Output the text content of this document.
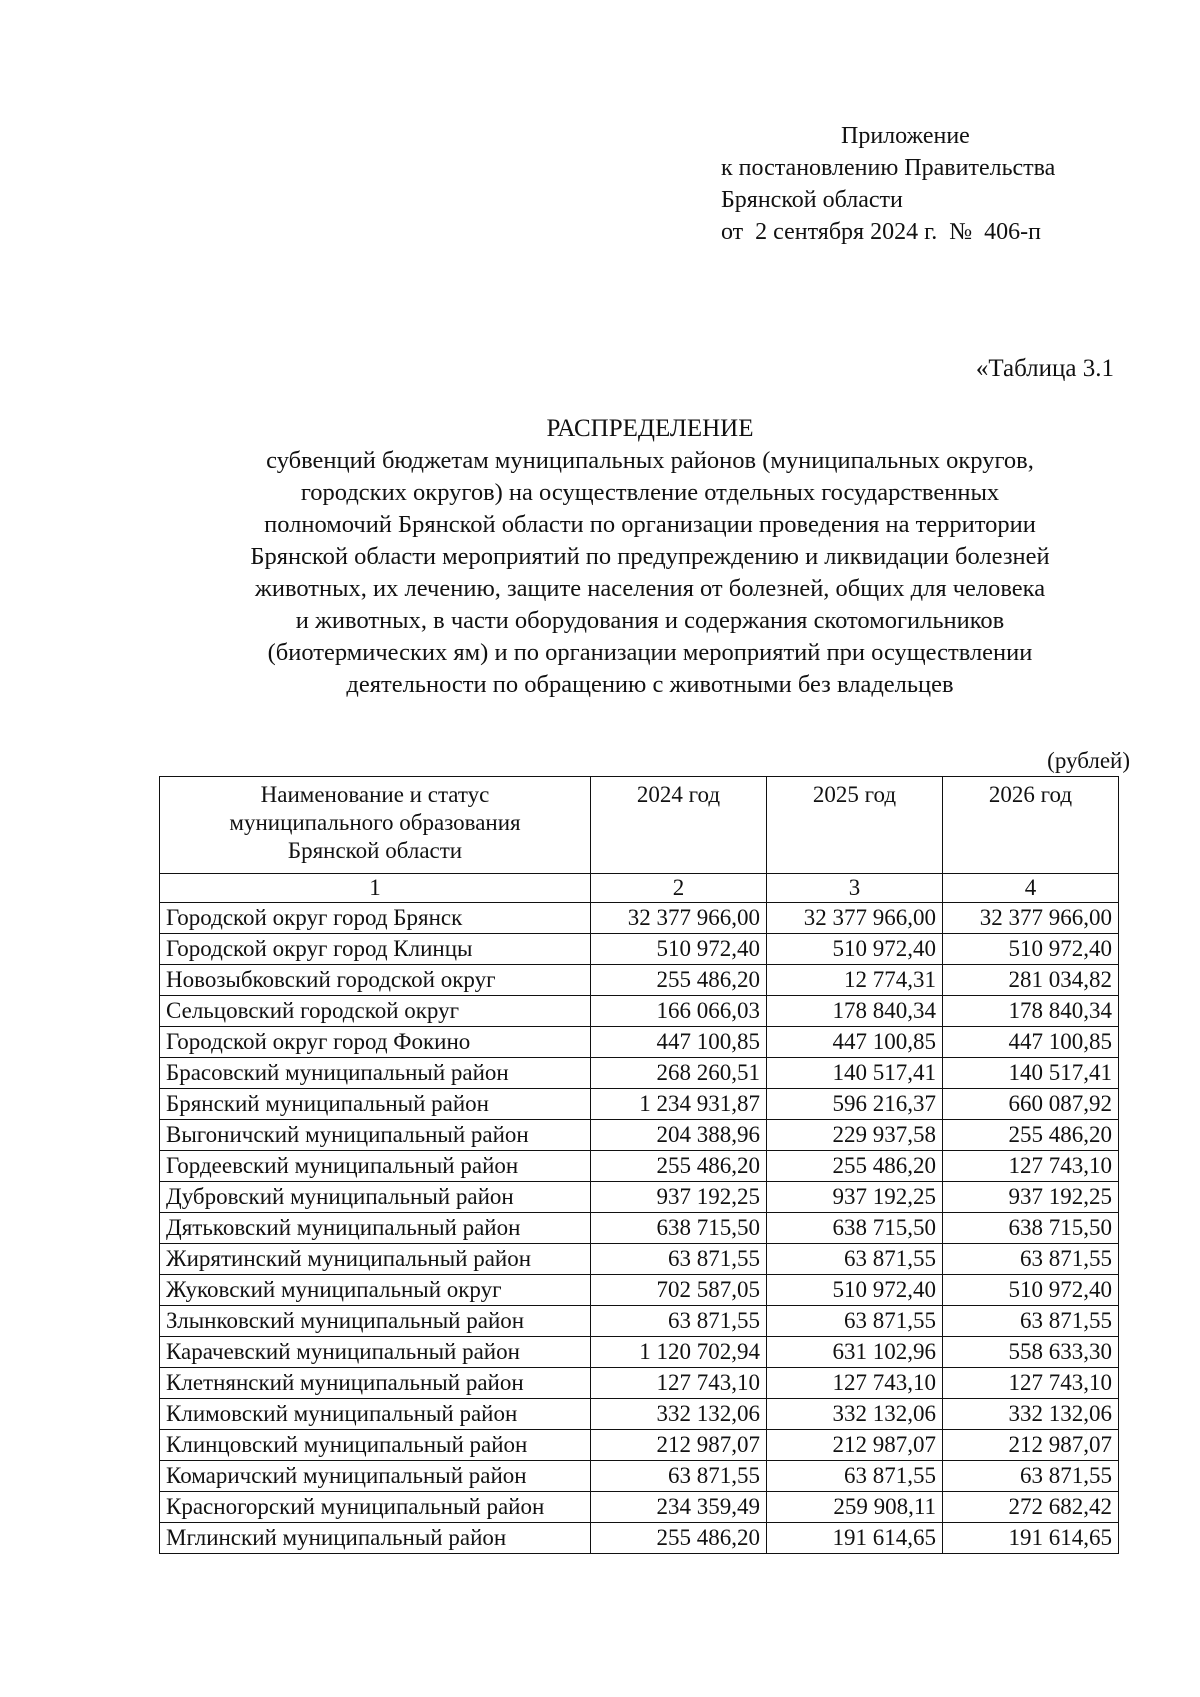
Приложение
к постановлению Правительства
Брянской области
от  2 сентября 2024 г.  №  406-п
«Таблица 3.1
РАСПРЕДЕЛЕНИЕ
субвенций бюджетам муниципальных районов (муниципальных округов,
городских округов) на осуществление отдельных государственных
полномочий Брянской области по организации проведения на территории
Брянской области мероприятий по предупреждению и ликвидации болезней
животных, их лечению, защите населения от болезней, общих для человека
и животных, в части оборудования и содержания скотомогильников
(биотермических ям) и по организации мероприятий при осуществлении
деятельности по обращению с животными без владельцев
(рублей)
Наименование и статус
муниципального образования
Брянской области	2024 год	2025 год	2026 год
1	2	3	4
Городской округ город Брянск	32 377 966,00	32 377 966,00	32 377 966,00
Городской округ город Клинцы	510 972,40	510 972,40	510 972,40
Новозыбковский городской округ	255 486,20	12 774,31	281 034,82
Сельцовский городской округ	166 066,03	178 840,34	178 840,34
Городской округ город Фокино	447 100,85	447 100,85	447 100,85
Брасовский муниципальный район	268 260,51	140 517,41	140 517,41
Брянский муниципальный район	1 234 931,87	596 216,37	660 087,92
Выгоничский муниципальный район	204 388,96	229 937,58	255 486,20
Гордеевский муниципальный район	255 486,20	255 486,20	127 743,10
Дубровский муниципальный район	937 192,25	937 192,25	937 192,25
Дятьковский муниципальный район	638 715,50	638 715,50	638 715,50
Жирятинский муниципальный район	63 871,55	63 871,55	63 871,55
Жуковский муниципальный округ	702 587,05	510 972,40	510 972,40
Злынковский муниципальный район	63 871,55	63 871,55	63 871,55
Карачевский муниципальный район	1 120 702,94	631 102,96	558 633,30
Клетнянский муниципальный район	127 743,10	127 743,10	127 743,10
Климовский муниципальный район	332 132,06	332 132,06	332 132,06
Клинцовский муниципальный район	212 987,07	212 987,07	212 987,07
Комаричский муниципальный район	63 871,55	63 871,55	63 871,55
Красногорский муниципальный район	234 359,49	259 908,11	272 682,42
Мглинский муниципальный район	255 486,20	191 614,65	191 614,65
